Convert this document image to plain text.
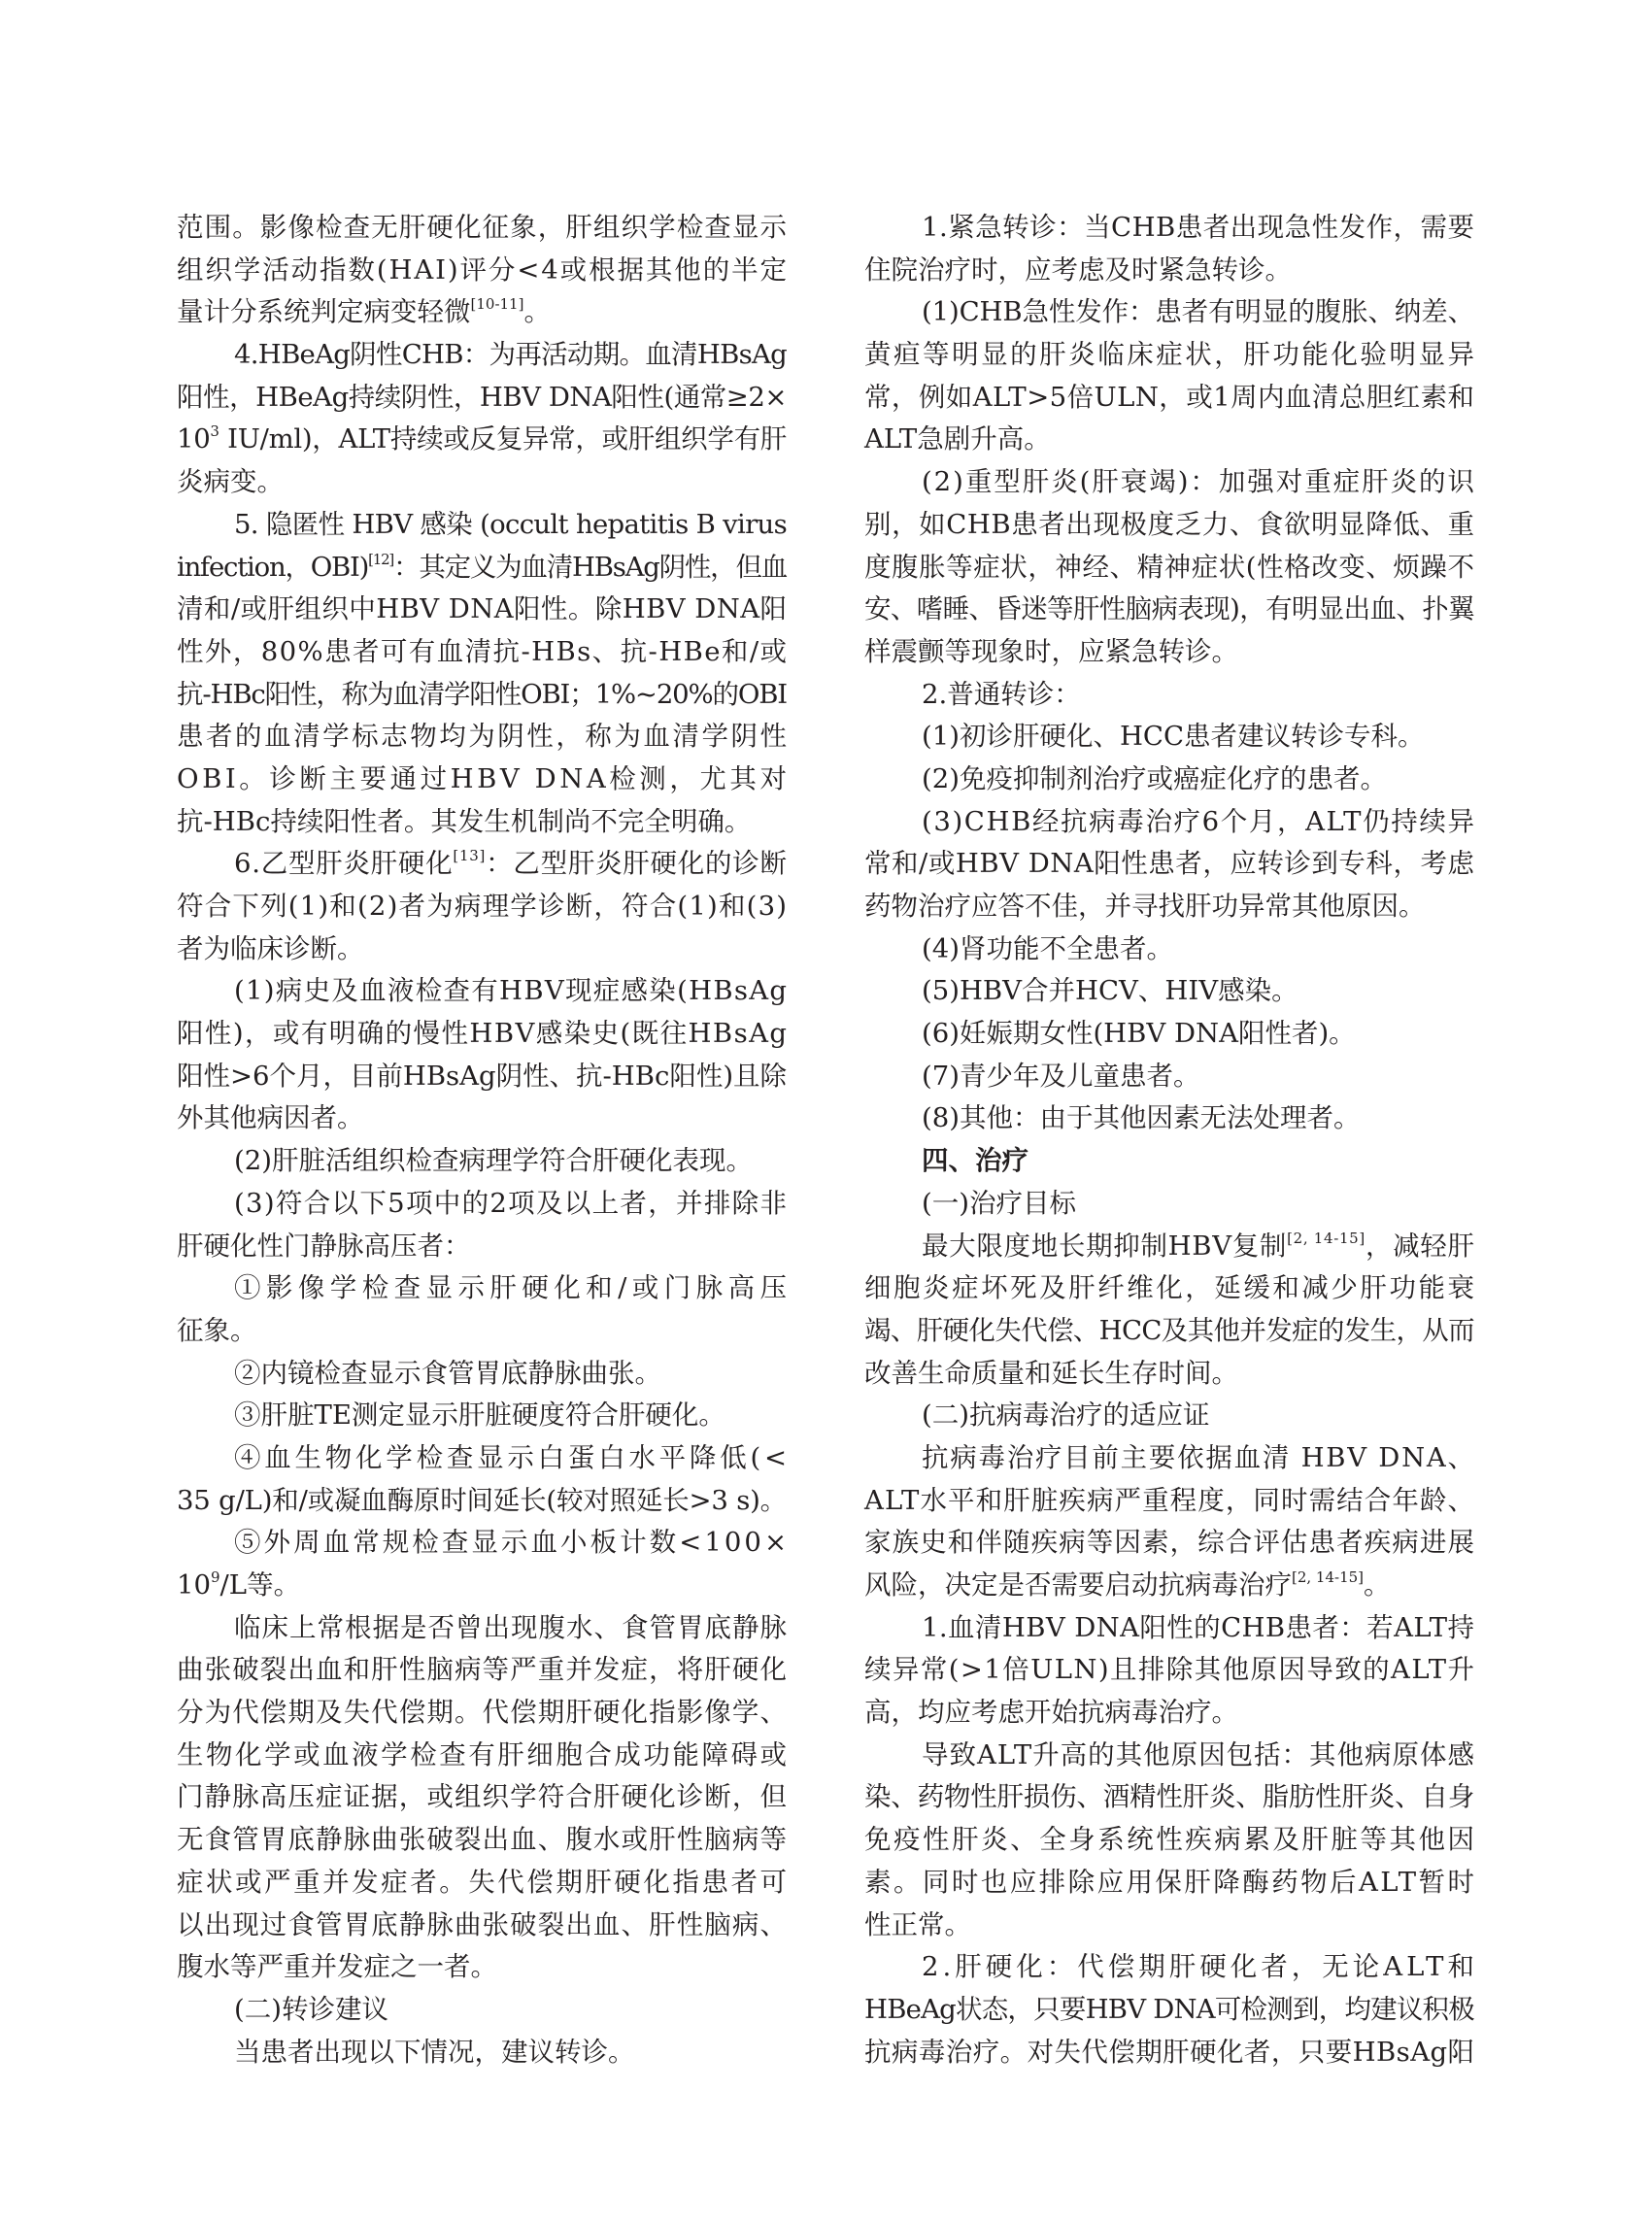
范围。影像检查无肝硬化征象，肝组织学检查显示
组织学活动指数(HAI)评分<4或根据其他的半定
量计分系统判定病变轻微[10-11]。
4.HBeAg阴性CHB：为再活动期。血清HBsAg
阳性，HBeAg持续阴性，HBV DNA阳性(通常≥2×
$10^3$ IU/ml)，ALT持续或反复异常，或肝组织学有肝
炎病变。
5. 隐匿性 HBV 感染 (occult hepatitis B virus
infection，OBI)[12]：其定义为血清HBsAg阴性，但血
清和/或肝组织中HBV DNA阳性。除HBV DNA阳
性外，80%患者可有血清抗-HBs、抗-HBe和/或
抗-HBc阳性，称为血清学阳性OBI；1%~20%的OBI
患者的血清学标志物均为阴性，称为血清学阴性
OBI。诊断主要通过HBV DNA检测，尤其对
抗-HBc持续阳性者。其发生机制尚不完全明确。
6.乙型肝炎肝硬化[13]：乙型肝炎肝硬化的诊断
符合下列(1)和(2)者为病理学诊断，符合(1)和(3)
者为临床诊断。
(1)病史及血液检查有HBV现症感染(HBsAg
阳性)，或有明确的慢性HBV感染史(既往HBsAg
阳性>6个月，目前HBsAg阴性、抗-HBc阳性)且除
外其他病因者。
(2)肝脏活组织检查病理学符合肝硬化表现。
(3)符合以下5项中的2项及以上者，并排除非
肝硬化性门静脉高压者：
①影像学检查显示肝硬化和/或门脉高压
征象。
②内镜检查显示食管胃底静脉曲张。
③肝脏TE测定显示肝脏硬度符合肝硬化。
④血生物化学检查显示白蛋白水平降低(<
35 g/L)和/或凝血酶原时间延长(较对照延长>3 s)。
⑤外周血常规检查显示血小板计数<100×
$10^9/L$等。
临床上常根据是否曾出现腹水、食管胃底静脉
曲张破裂出血和肝性脑病等严重并发症，将肝硬化
分为代偿期及失代偿期。代偿期肝硬化指影像学、
生物化学或血液学检查有肝细胞合成功能障碍或
门静脉高压症证据，或组织学符合肝硬化诊断，但
无食管胃底静脉曲张破裂出血、腹水或肝性脑病等
症状或严重并发症者。失代偿期肝硬化指患者可
以出现过食管胃底静脉曲张破裂出血、肝性脑病、
腹水等严重并发症之一者。
(二)转诊建议
当患者出现以下情况，建议转诊。
1.紧急转诊：当CHB患者出现急性发作，需要
住院治疗时，应考虑及时紧急转诊。
(1)CHB急性发作：患者有明显的腹胀、纳差、
黄疸等明显的肝炎临床症状，肝功能化验明显异
常，例如ALT>5倍ULN，或1周内血清总胆红素和
ALT急剧升高。
(2)重型肝炎(肝衰竭)：加强对重症肝炎的识
别，如CHB患者出现极度乏力、食欲明显降低、重
度腹胀等症状，神经、精神症状(性格改变、烦躁不
安、嗜睡、昏迷等肝性脑病表现)，有明显出血、扑翼
样震颤等现象时，应紧急转诊。
2.普通转诊：
(1)初诊肝硬化、HCC患者建议转诊专科。
(2)免疫抑制剂治疗或癌症化疗的患者。
(3)CHB经抗病毒治疗6个月，ALT仍持续异
常和/或HBV DNA阳性患者，应转诊到专科，考虑
药物治疗应答不佳，并寻找肝功异常其他原因。
(4)肾功能不全患者。
(5)HBV合并HCV、HIV感染。
(6)妊娠期女性(HBV DNA阳性者)。
(7)青少年及儿童患者。
(8)其他：由于其他因素无法处理者。
四、治疗
(一)治疗目标
最大限度地长期抑制HBV复制[2, 14-15]，减轻肝
细胞炎症坏死及肝纤维化，延缓和减少肝功能衰
竭、肝硬化失代偿、HCC及其他并发症的发生，从而
改善生命质量和延长生存时间。
(二)抗病毒治疗的适应证
抗病毒治疗目前主要依据血清 HBV DNA、
ALT水平和肝脏疾病严重程度，同时需结合年龄、
家族史和伴随疾病等因素，综合评估患者疾病进展
风险，决定是否需要启动抗病毒治疗[2, 14-15]。
1.血清HBV DNA阳性的CHB患者：若ALT持
续异常(>1倍ULN)且排除其他原因导致的ALT升
高，均应考虑开始抗病毒治疗。
导致ALT升高的其他原因包括：其他病原体感
染、药物性肝损伤、酒精性肝炎、脂肪性肝炎、自身
免疫性肝炎、全身系统性疾病累及肝脏等其他因
素。同时也应排除应用保肝降酶药物后ALT暂时
性正常。
2.肝硬化：代偿期肝硬化者，无论ALT和
HBeAg状态，只要HBV DNA可检测到，均建议积极
抗病毒治疗。对失代偿期肝硬化者，只要HBsAg阳
